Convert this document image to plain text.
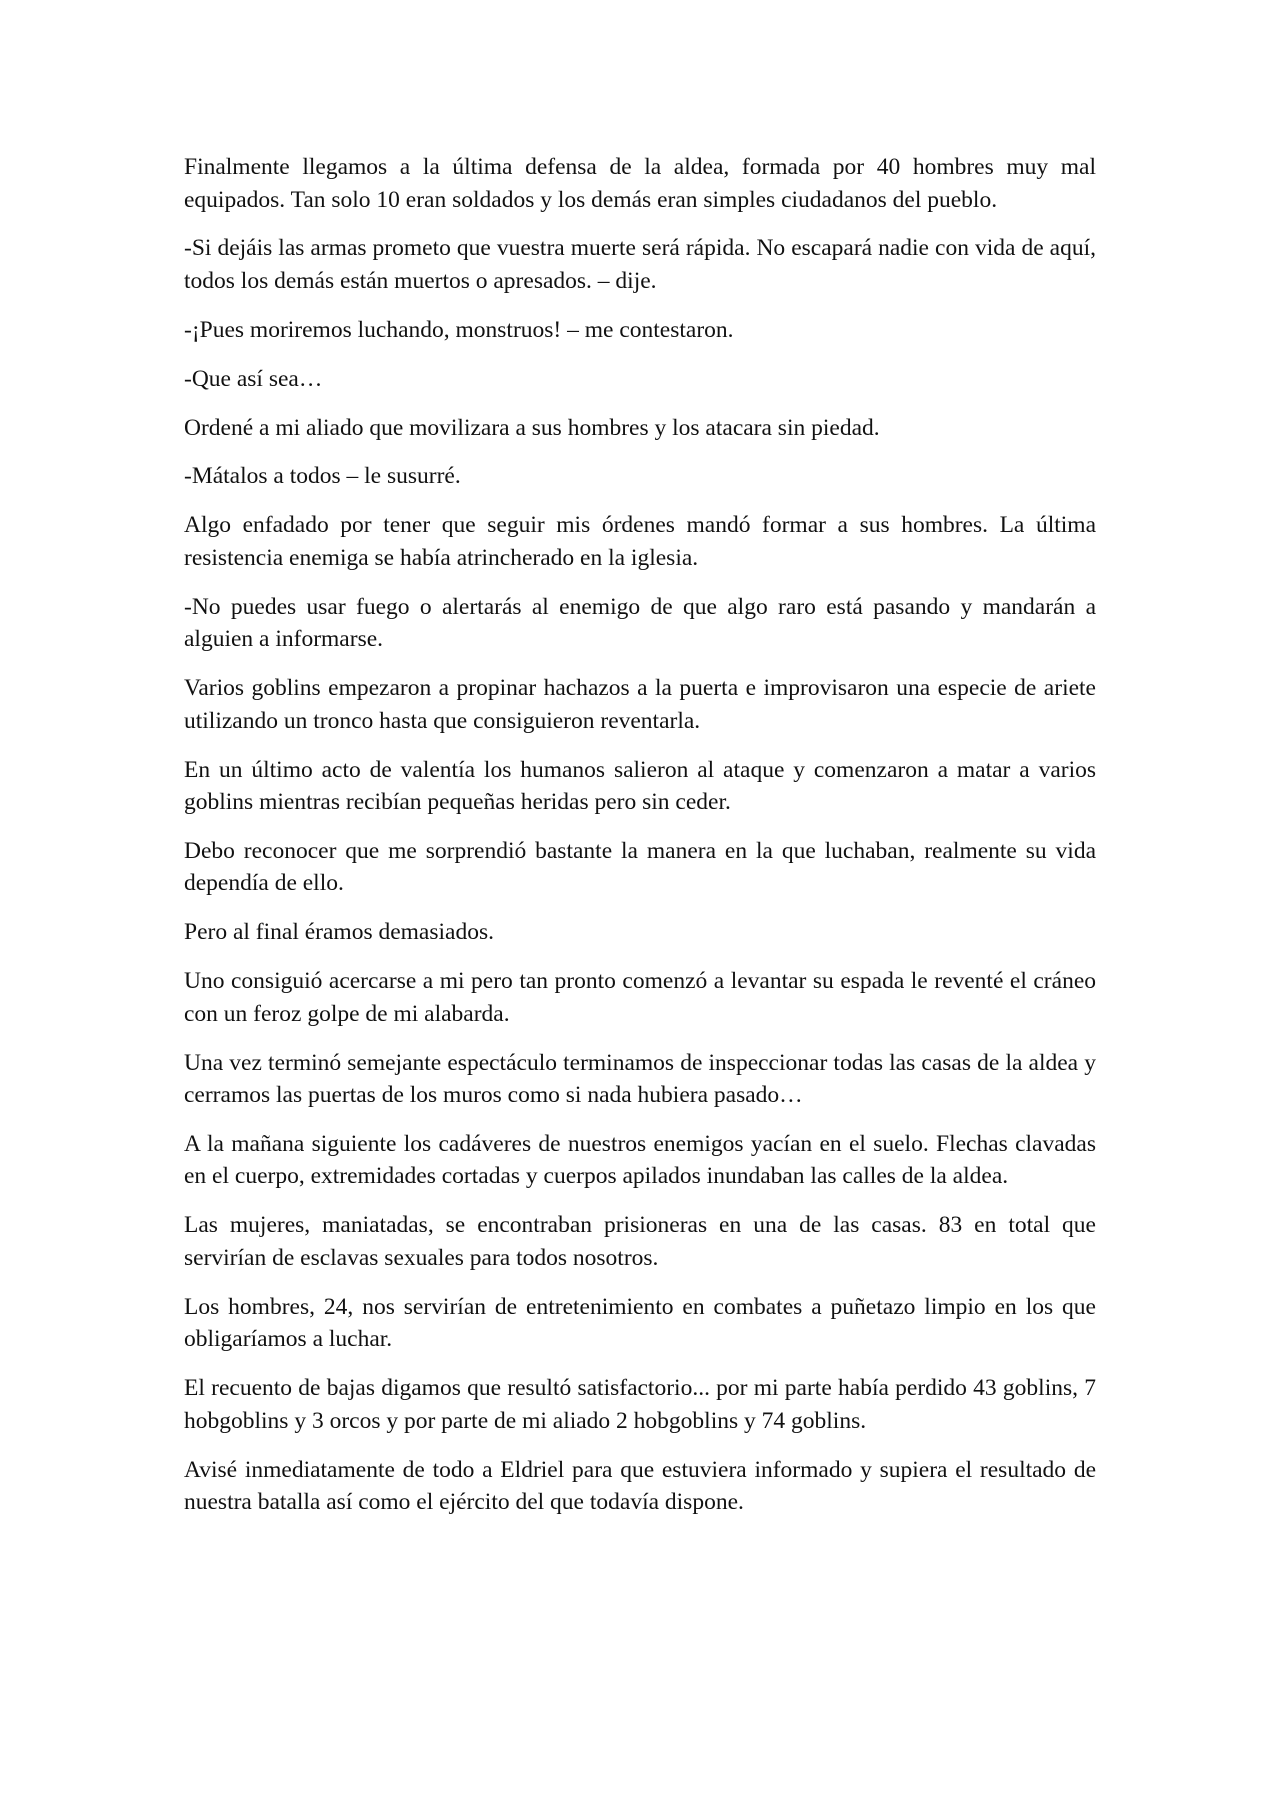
Finalmente llegamos a la última defensa de la aldea, formada por 40 hombres muy mal equipados. Tan solo 10 eran soldados y los demás eran simples ciudadanos del pueblo.

-Si dejáis las armas prometo que vuestra muerte será rápida. No escapará nadie con vida de aquí, todos los demás están muertos o apresados. – dije.

-¡Pues moriremos luchando, monstruos! – me contestaron.

-Que así sea…

Ordené a mi aliado que movilizara a sus hombres y los atacara sin piedad.

-Mátalos a todos – le susurré.

Algo enfadado por tener que seguir mis órdenes mandó formar a sus hombres. La última resistencia enemiga se había atrincherado en la iglesia.

-No puedes usar fuego o alertarás al enemigo de que algo raro está pasando y mandarán a alguien a informarse.

Varios goblins empezaron a propinar hachazos a la puerta e improvisaron una especie de ariete utilizando un tronco hasta que consiguieron reventarla.

En un último acto de valentía los humanos salieron al ataque y comenzaron a matar a varios goblins mientras recibían pequeñas heridas pero sin ceder.

Debo reconocer que me sorprendió bastante la manera en la que luchaban, realmente su vida dependía de ello.

Pero al final éramos demasiados.

Uno consiguió acercarse a mi pero tan pronto comenzó a levantar su espada le reventé el cráneo con un feroz golpe de mi alabarda.

Una vez terminó semejante espectáculo terminamos de inspeccionar todas las casas de la aldea y cerramos las puertas de los muros como si nada hubiera pasado…

A la mañana siguiente los cadáveres de nuestros enemigos yacían en el suelo. Flechas clavadas en el cuerpo, extremidades cortadas y cuerpos apilados inundaban las calles de la aldea.

Las mujeres, maniatadas, se encontraban prisioneras en una de las casas. 83 en total que servirían de esclavas sexuales para todos nosotros.

Los hombres, 24, nos servirían de entretenimiento en combates a puñetazo limpio en los que obligaríamos a luchar.

El recuento de bajas digamos que resultó satisfactorio... por mi parte había perdido 43 goblins, 7 hobgoblins y 3 orcos y por parte de mi aliado 2 hobgoblins y 74 goblins.

Avisé inmediatamente de todo a Eldriel para que estuviera informado y supiera el resultado de nuestra batalla así como el ejército del que todavía dispone.
